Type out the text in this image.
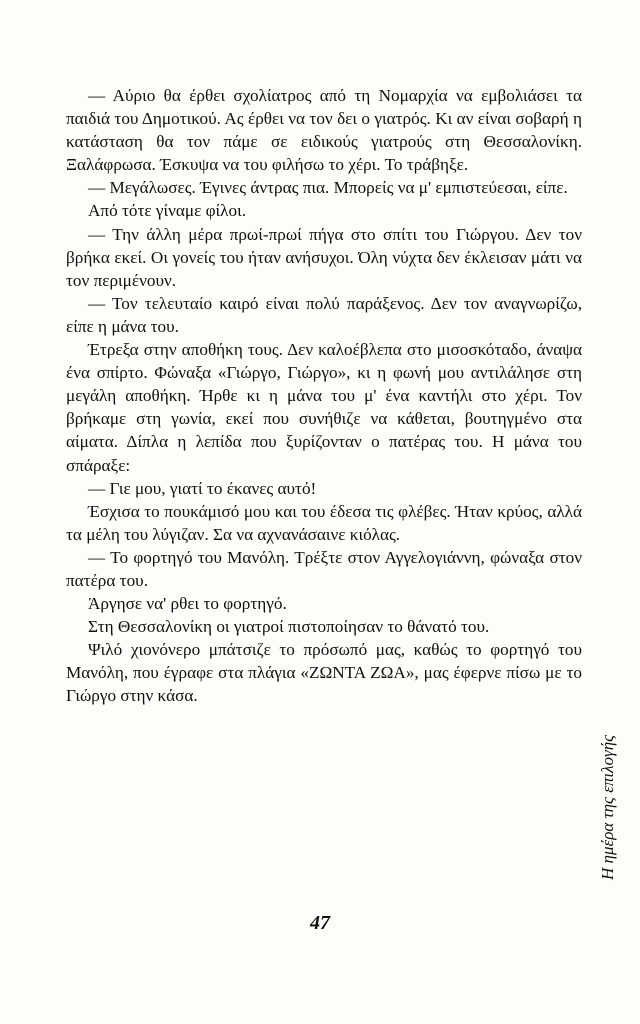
— Αύριο θα έρθει σχολίατρος από τη Νομαρχία να εμβολιάσει τα παιδιά του Δημοτικού. Ας έρθει να τον δει ο γιατρός. Κι αν είναι σοβαρή η κατάσταση θα τον πάμε σε ειδικούς γιατρούς στη Θεσσαλονίκη. Ξαλάφρωσα. Έσκυψα να του φιλήσω το χέρι. Το τράβηξε.

— Μεγάλωσες. Έγινες άντρας πια. Μπορείς να μ' εμπιστεύεσαι, είπε.

Από τότε γίναμε φίλοι.

— Την άλλη μέρα πρωί-πρωί πήγα στο σπίτι του Γιώργου. Δεν τον βρήκα εκεί. Οι γονείς του ήταν ανήσυχοι. Όλη νύχτα δεν έκλεισαν μάτι να τον περιμένουν.

— Τον τελευταίο καιρό είναι πολύ παράξενος. Δεν τον αναγνωρίζω, είπε η μάνα του.

Έτρεξα στην αποθήκη τους. Δεν καλοέβλεπα στο μισοσκόταδο, άναψα ένα σπίρτο. Φώναξα «Γιώργο, Γιώργο», κι η φωνή μου αντιλάλησε στη μεγάλη αποθήκη. Ήρθε κι η μάνα του μ' ένα καντήλι στο χέρι. Τον βρήκαμε στη γωνία, εκεί που συνήθιζε να κάθεται, βουτηγμένο στα αίματα. Δίπλα η λεπίδα που ξυρίζονταν ο πατέρας του. Η μάνα του σπάραξε:

— Γιε μου, γιατί το έκανες αυτό!

Έσχισα το πουκάμισό μου και του έδεσα τις φλέβες. Ήταν κρύος, αλλά τα μέλη του λύγιζαν. Σα να αχνανάσαινε κιόλας.

— Το φορτηγό του Μανόλη. Τρέξτε στον Αγγελογιάννη, φώναξα στον πατέρα του.

Άργησε να' ρθει το φορτηγό.

Στη Θεσσαλονίκη οι γιατροί πιστοποίησαν το θάνατό του.

Ψιλό χιονόνερο μπάτσιζε το πρόσωπό μας, καθώς το φορτηγό του Μανόλη, που έγραφε στα πλάγια «ΖΩΝΤΑ ΖΩΑ», μας έφερνε πίσω με το Γιώργο στην κάσα.

47
Η ημέρα της επιλογής
